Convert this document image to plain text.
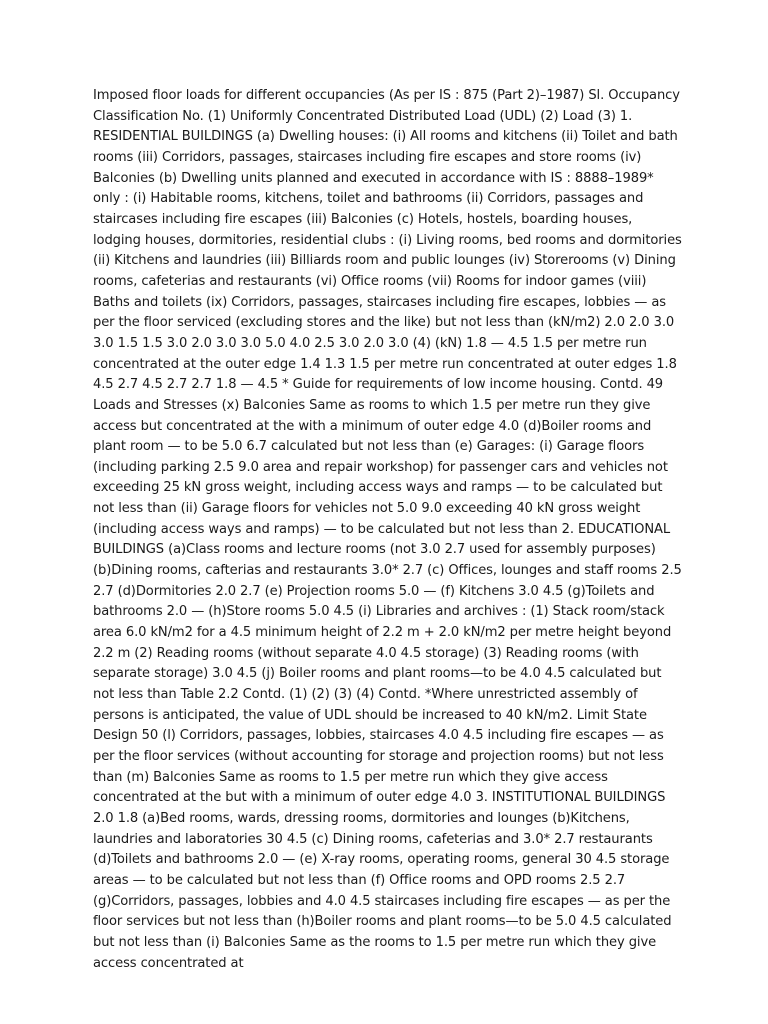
Imposed floor loads for different occupancies (As per IS : 875 (Part 2)–1987) Sl. Occupancy Classification No. (1) Uniformly Concentrated Distributed Load (UDL) (2) Load (3) 1. RESIDENTIAL BUILDINGS (a) Dwelling houses: (i) All rooms and kitchens (ii) Toilet and bath rooms (iii) Corridors, passages, staircases including fire escapes and store rooms (iv) Balconies (b) Dwelling units planned and executed in accordance with IS : 8888–1989* only : (i) Habitable rooms, kitchens, toilet and bathrooms (ii) Corridors, passages and staircases including fire escapes (iii) Balconies (c) Hotels, hostels, boarding houses, lodging houses, dormitories, residential clubs : (i) Living rooms, bed rooms and dormitories (ii) Kitchens and laundries (iii) Billiards room and public lounges (iv) Storerooms (v) Dining rooms, cafeterias and restaurants (vi) Office rooms (vii) Rooms for indoor games (viii) Baths and toilets (ix) Corridors, passages, staircases including fire escapes, lobbies — as per the floor serviced (excluding stores and the like) but not less than (kN/m2) 2.0 2.0 3.0 3.0 1.5 1.5 3.0 2.0 3.0 3.0 5.0 4.0 2.5 3.0 2.0 3.0 (4) (kN) 1.8 — 4.5 1.5 per metre run concentrated at the outer edge 1.4 1.3 1.5 per metre run concentrated at outer edges 1.8 4.5 2.7 4.5 2.7 2.7 1.8 — 4.5 * Guide for requirements of low income housing. Contd. 49 Loads and Stresses (x) Balconies Same as rooms to which 1.5 per metre run they give access but concentrated at the with a minimum of outer edge 4.0 (d)Boiler rooms and plant room — to be 5.0 6.7 calculated but not less than (e) Garages: (i) Garage floors (including parking 2.5 9.0 area and repair workshop) for passenger cars and vehicles not exceeding 25 kN gross weight, including access ways and ramps — to be calculated but not less than (ii) Garage floors for vehicles not 5.0 9.0 exceeding 40 kN gross weight (including access ways and ramps) — to be calculated but not less than 2. EDUCATIONAL BUILDINGS (a)Class rooms and lecture rooms (not 3.0 2.7 used for assembly purposes) (b)Dining rooms, cafterias and restaurants 3.0* 2.7 (c) Offices, lounges and staff rooms 2.5 2.7 (d)Dormitories 2.0 2.7 (e) Projection rooms 5.0 — (f) Kitchens 3.0 4.5 (g)Toilets and bathrooms 2.0 — (h)Store rooms 5.0 4.5 (i) Libraries and archives : (1) Stack room/stack area 6.0 kN/m2 for a 4.5 minimum height of 2.2 m + 2.0 kN/m2 per metre height beyond 2.2 m (2) Reading rooms (without separate 4.0 4.5 storage) (3) Reading rooms (with separate storage) 3.0 4.5 (j) Boiler rooms and plant rooms—to be 4.0 4.5 calculated but not less than Table 2.2 Contd. (1) (2) (3) (4) Contd. *Where unrestricted assembly of persons is anticipated, the value of UDL should be increased to 40 kN/m2. Limit State Design 50 (l) Corridors, passages, lobbies, staircases 4.0 4.5 including fire escapes — as per the floor services (without accounting for storage and projection rooms) but not less than (m) Balconies Same as rooms to 1.5 per metre run which they give access concentrated at the but with a minimum of outer edge 4.0 3. INSTITUTIONAL BUILDINGS 2.0 1.8 (a)Bed rooms, wards, dressing rooms, dormitories and lounges (b)Kitchens, laundries and laboratories 30 4.5 (c) Dining rooms, cafeterias and 3.0* 2.7 restaurants (d)Toilets and bathrooms 2.0 — (e) X-ray rooms, operating rooms, general 30 4.5 storage areas — to be calculated but not less than (f) Office rooms and OPD rooms 2.5 2.7 (g)Corridors, passages, lobbies and 4.0 4.5 staircases including fire escapes — as per the floor services but not less than (h)Boiler rooms and plant rooms—to be 5.0 4.5 calculated but not less than (i) Balconies Same as the rooms to 1.5 per metre run which they give access concentrated at
